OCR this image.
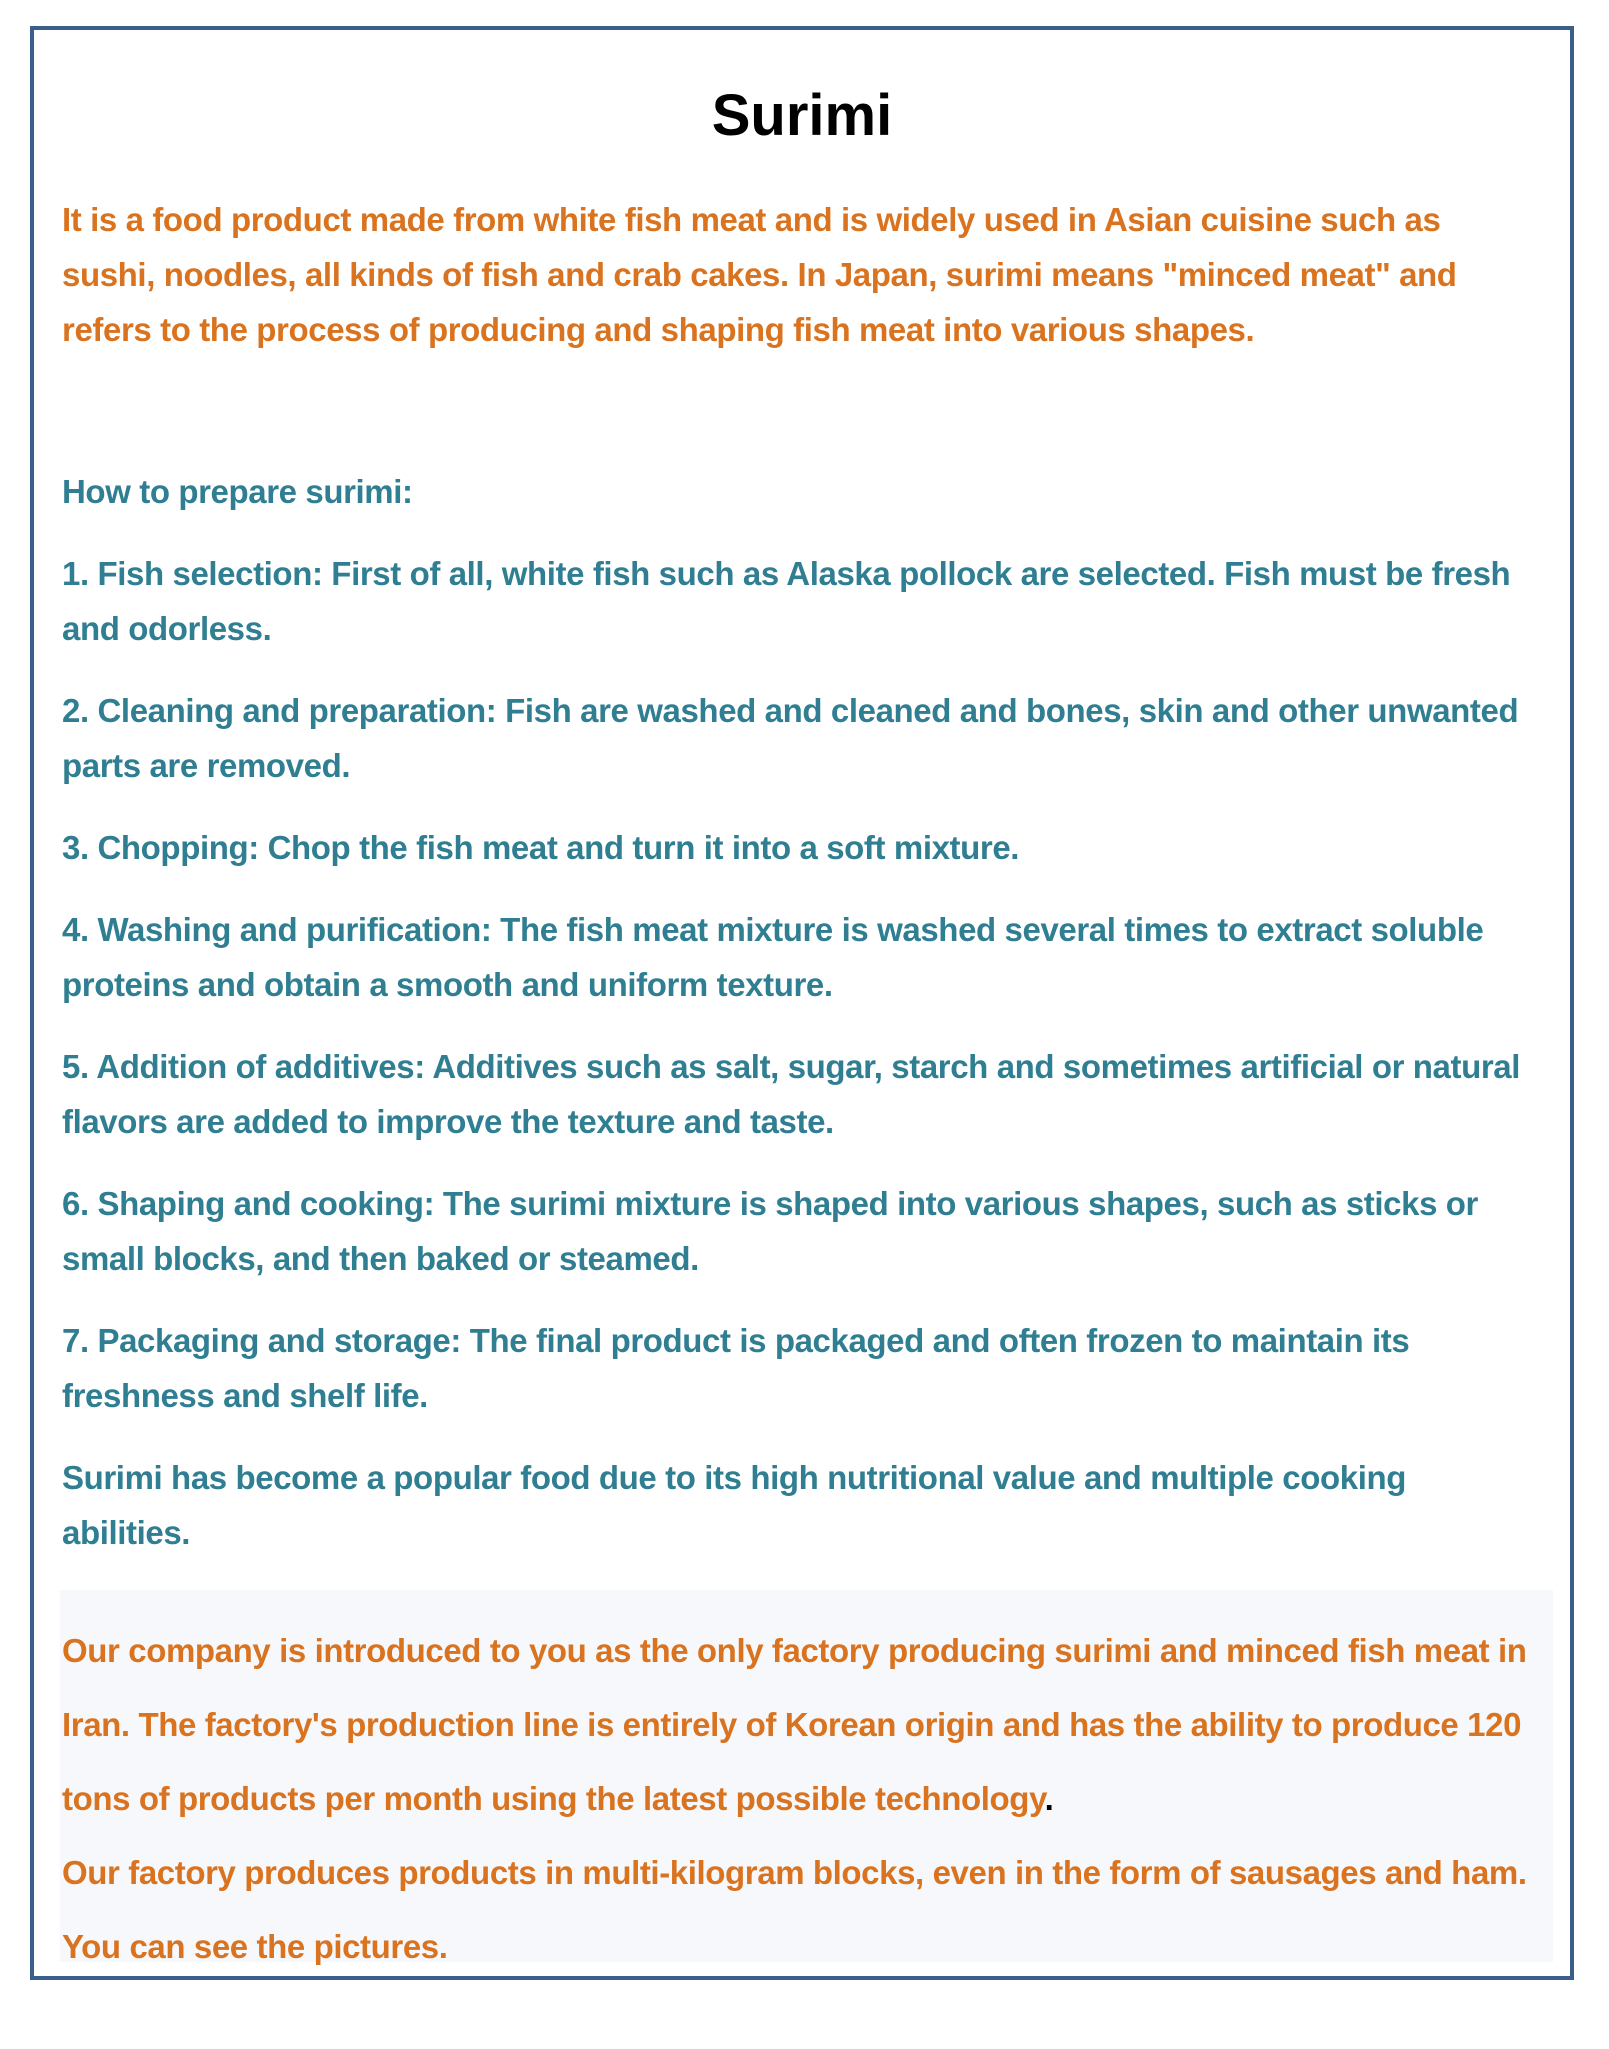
Surimi
It is a food product made from white fish meat and is widely used in Asian cuisine such as sushi, noodles, all kinds of fish and crab cakes. In Japan, surimi means "minced meat" and refers to the process of producing and shaping fish meat into various shapes.

How to prepare surimi:

1. Fish selection: First of all, white fish such as Alaska pollock are selected. Fish must be fresh and odorless.

2. Cleaning and preparation: Fish are washed and cleaned and bones, skin and other unwanted parts are removed.

3. Chopping: Chop the fish meat and turn it into a soft mixture.

4. Washing and purification: The fish meat mixture is washed several times to extract soluble proteins and obtain a smooth and uniform texture.

5. Addition of additives: Additives such as salt, sugar, starch and sometimes artificial or natural flavors are added to improve the texture and taste.

6. Shaping and cooking: The surimi mixture is shaped into various shapes, such as sticks or small blocks, and then baked or steamed.

7. Packaging and storage: The final product is packaged and often frozen to maintain its freshness and shelf life.

Surimi has become a popular food due to its high nutritional value and multiple cooking abilities.

Our company is introduced to you as the only factory producing surimi and minced fish meat in Iran. The factory's production line is entirely of Korean origin and has the ability to produce 120 tons of products per month using the latest possible technology.

Our factory produces products in multi-kilogram blocks, even in the form of sausages and ham. You can see the pictures.
